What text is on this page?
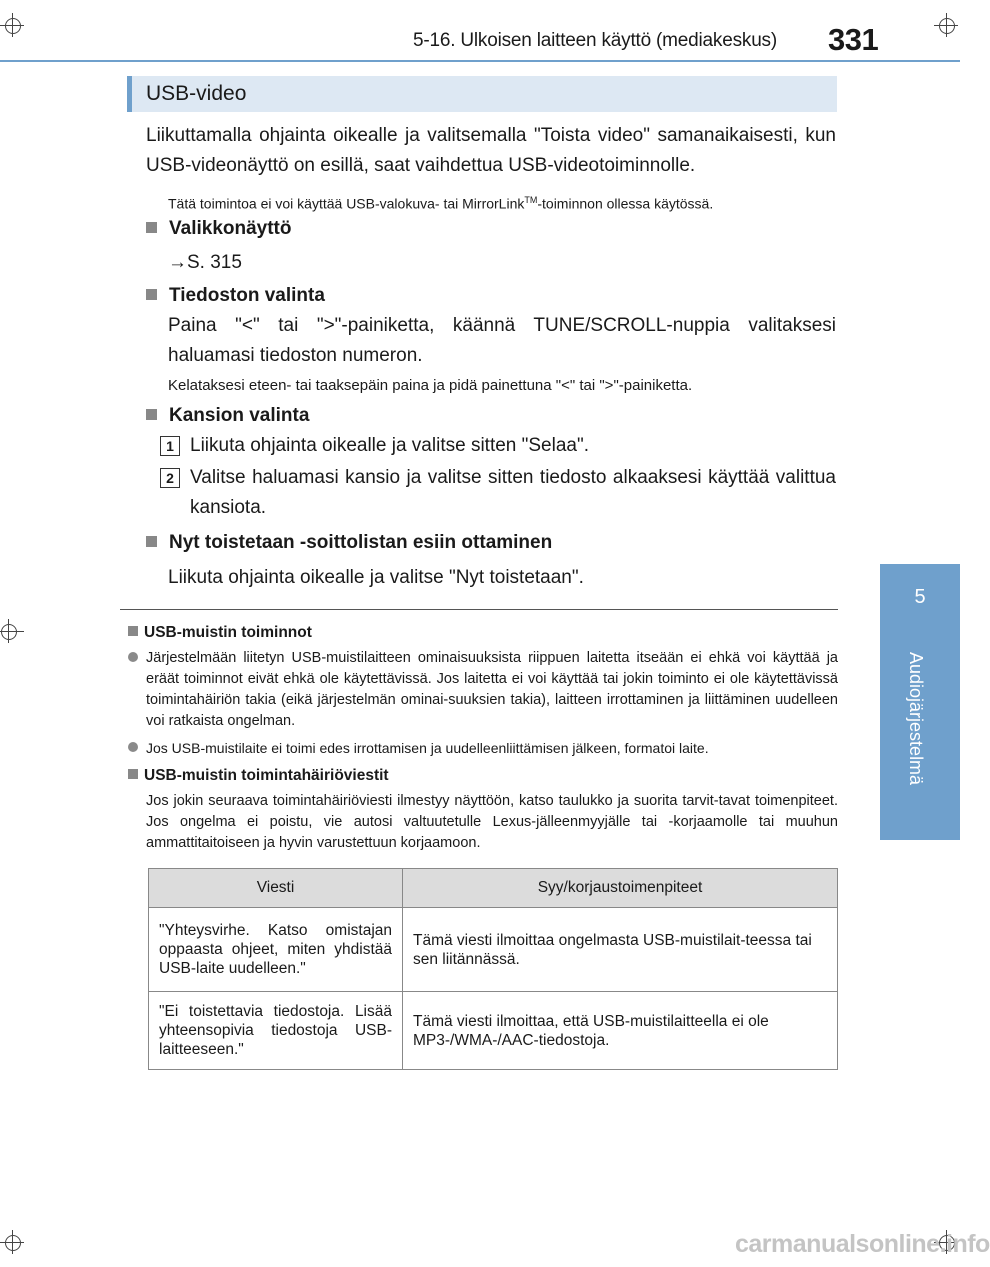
5-16. Ulkoisen laitteen käyttö (mediakeskus) 331
5
Audiojärjestelmä
USB-video
Liikuttamalla ohjainta oikealle ja valitsemalla "Toista video" samanaikaisesti, kun USB-videonäyttö on esillä, saat vaihdettua USB-videotoiminnolle.
Tätä toimintoa ei voi käyttää USB-valokuva- tai MirrorLink™-toiminnon ollessa käytössä.
Valikkonäyttö
→S. 315
Tiedoston valinta
Paina "<" tai ">"-painiketta, käännä TUNE/SCROLL-nuppia valitaksesi haluamasi tiedoston numeron.
Kelataksesi eteen- tai taaksepäin paina ja pidä painettuna "<" tai ">"-painiketta.
Kansion valinta
1 Liikuta ohjainta oikealle ja valitse sitten "Selaa".
2 Valitse haluamasi kansio ja valitse sitten tiedosto alkaaksesi käyttää valittua kansiota.
Nyt toistetaan -soittolistan esiin ottaminen
Liikuta ohjainta oikealle ja valitse "Nyt toistetaan".
USB-muistin toiminnot
Järjestelmään liitetyn USB-muistilaitteen ominaisuuksista riippuen laitetta itseään ei ehkä voi käyttää ja eräät toiminnot eivät ehkä ole käytettävissä. Jos laitetta ei voi käyttää tai jokin toiminto ei ole käytettävissä toimintahäiriön takia (eikä järjestelmän ominai-suuksien takia), laitteen irrottaminen ja liittäminen uudelleen voi ratkaista ongelman.
Jos USB-muistilaite ei toimi edes irrottamisen ja uudelleenliittämisen jälkeen, formatoi laite.
USB-muistin toimintahäiriöviestit
Jos jokin seuraava toimintahäiriöviesti ilmestyy näyttöön, katso taulukko ja suorita tarvit-tavat toimenpiteet. Jos ongelma ei poistu, vie autosi valtuutetulle Lexus-jälleenmyyjälle tai -korjaamolle tai muuhun ammattitaitoiseen ja hyvin varustettuun korjaamoon.
Viesti	Syy/korjaustoimenpiteet
"Yhteysvirhe. Katso omistajan oppaasta ohjeet, miten yhdistää USB-laite uudelleen."	Tämä viesti ilmoittaa ongelmasta USB-muistilait-teessa tai sen liitännässä.
"Ei toistettavia tiedostoja. Lisää yhteensopivia tiedostoja USB-laitteeseen."	Tämä viesti ilmoittaa, että USB-muistilaitteella ei ole MP3-/WMA-/AAC-tiedostoja.
carmanualsonline.info
